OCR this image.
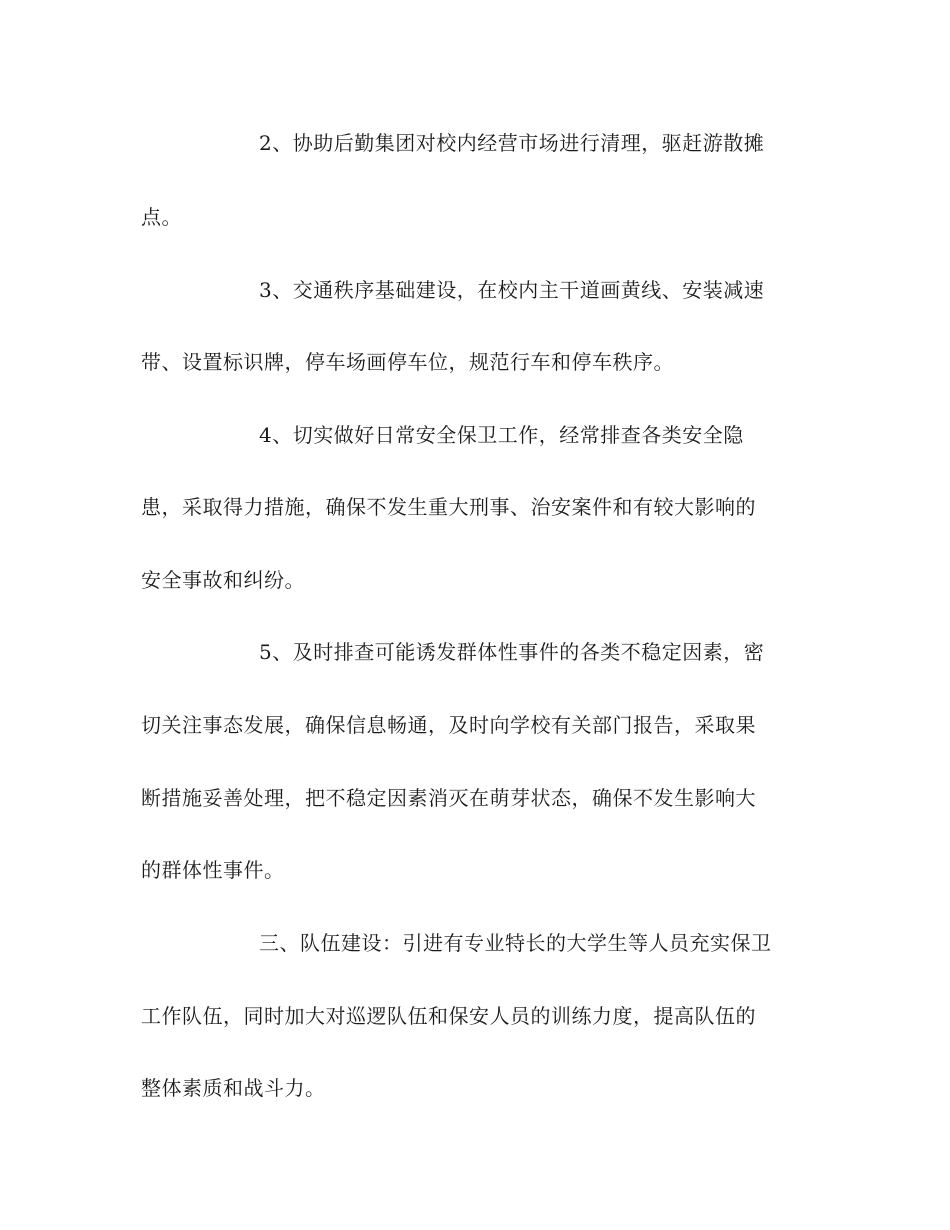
2、协助后勤集团对校内经营市场进行清理，驱赶游散摊
点。
3、交通秩序基础建设，在校内主干道画黄线、安装减速
带、设置标识牌，停车场画停车位，规范行车和停车秩序。
4、切实做好日常安全保卫工作，经常排查各类安全隐
患，采取得力措施，确保不发生重大刑事、治安案件和有较大影响的
安全事故和纠纷。
5、及时排查可能诱发群体性事件的各类不稳定因素，密
切关注事态发展，确保信息畅通，及时向学校有关部门报告，采取果
断措施妥善处理，把不稳定因素消灭在萌芽状态，确保不发生影响大
的群体性事件。
三、队伍建设：引进有专业特长的大学生等人员充实保卫
工作队伍，同时加大对巡逻队伍和保安人员的训练力度，提高队伍的
整体素质和战斗力。
